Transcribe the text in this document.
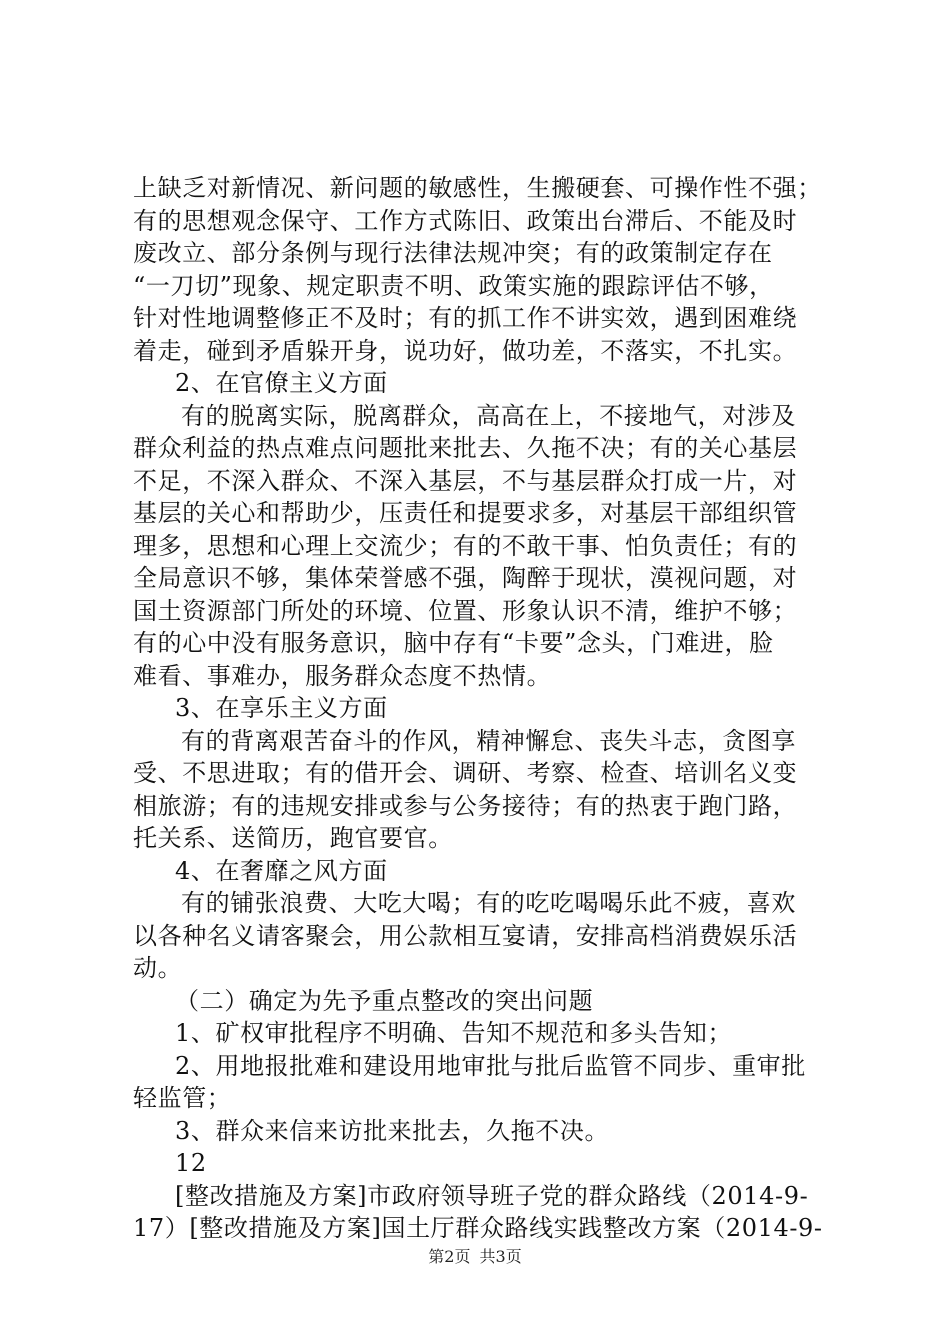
上缺乏对新情况、新问题的敏感性，生搬硬套、可操作性不强；
有的思想观念保守、工作方式陈旧、政策出台滞后、不能及时
废改立、部分条例与现行法律法规冲突；有的政策制定存在
“一刀切”现象、规定职责不明、政策实施的跟踪评估不够，
针对性地调整修正不及时；有的抓工作不讲实效，遇到困难绕
着走，碰到矛盾躲开身，说功好，做功差，不落实，不扎实。
2、在官僚主义方面
有的脱离实际，脱离群众，高高在上，不接地气，对涉及
群众利益的热点难点问题批来批去、久拖不决；有的关心基层
不足，不深入群众、不深入基层，不与基层群众打成一片，对
基层的关心和帮助少，压责任和提要求多，对基层干部组织管
理多，思想和心理上交流少；有的不敢干事、怕负责任；有的
全局意识不够，集体荣誉感不强，陶醉于现状，漠视问题，对
国土资源部门所处的环境、位置、形象认识不清，维护不够；
有的心中没有服务意识，脑中存有“卡要”念头，门难进，脸
难看、事难办，服务群众态度不热情。
3、在享乐主义方面
有的背离艰苦奋斗的作风，精神懈怠、丧失斗志，贪图享
受、不思进取；有的借开会、调研、考察、检查、培训名义变
相旅游；有的违规安排或参与公务接待；有的热衷于跑门路，
托关系、送简历，跑官要官。
4、在奢靡之风方面
有的铺张浪费、大吃大喝；有的吃吃喝喝乐此不疲，喜欢
以各种名义请客聚会，用公款相互宴请，安排高档消费娱乐活
动。
（二）确定为先予重点整改的突出问题
1、矿权审批程序不明确、告知不规范和多头告知；
2、用地报批难和建设用地审批与批后监管不同步、重审批
轻监管；
3、群众来信来访批来批去，久拖不决。
12
[整改措施及方案]市政府领导班子党的群众路线（2014-9-
17）[整改措施及方案]国土厅群众路线实践整改方案（2014-9-
第2页 共3页
